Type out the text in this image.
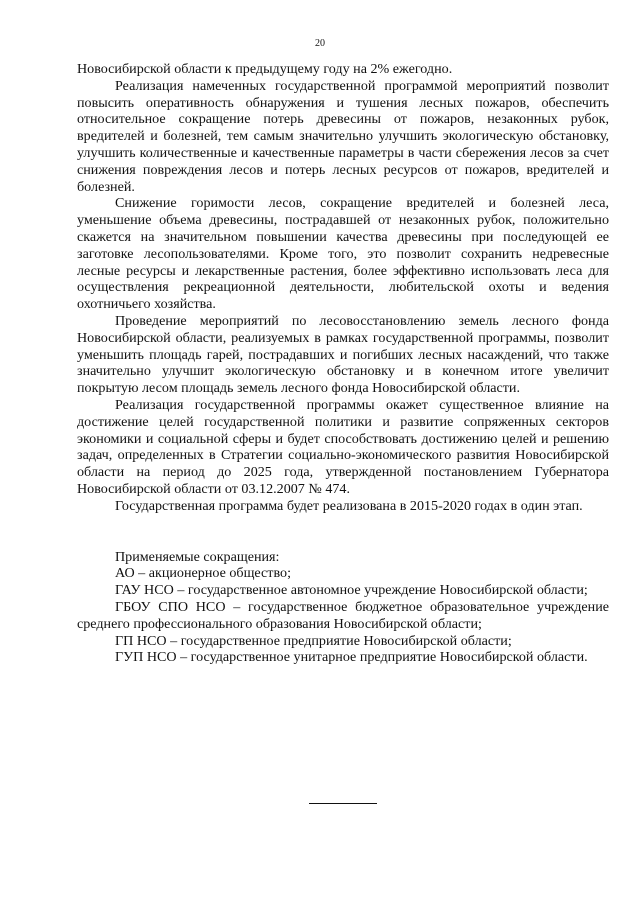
20

Новосибирской области к предыдущему году на 2% ежегодно.

Реализация намеченных государственной программой мероприятий позволит повысить оперативность обнаружения и тушения лесных пожаров, обеспечить относительное сокращение потерь древесины от пожаров, незаконных рубок, вредителей и болезней, тем самым значительно улучшить экологическую обстановку, улучшить количественные и качественные параметры в части сбережения лесов за счет снижения повреждения лесов и потерь лесных ресурсов от пожаров, вредителей и болезней.

Снижение горимости лесов, сокращение вредителей и болезней леса, уменьшение объема древесины, пострадавшей от незаконных рубок, положительно скажется на значительном повышении качества древесины при последующей ее заготовке лесопользователями. Кроме того, это позволит сохранить недревесные лесные ресурсы и лекарственные растения, более эффективно использовать леса для осуществления рекреационной деятельности, любительской охоты и ведения охотничьего хозяйства.

Проведение мероприятий по лесовосстановлению земель лесного фонда Новосибирской области, реализуемых в рамках государственной программы, позволит уменьшить площадь гарей, пострадавших и погибших лесных насаждений, что также значительно улучшит экологическую обстановку и в конечном итоге увеличит покрытую лесом площадь земель лесного фонда Новосибирской области.

Реализация государственной программы окажет существенное влияние на достижение целей государственной политики и развитие сопряженных секторов экономики и социальной сферы и будет способствовать достижению целей и решению задач, определенных в Стратегии социально-экономического развития Новосибирской области на период до 2025 года, утвержденной постановлением Губернатора Новосибирской области от 03.12.2007 № 474.

Государственная программа будет реализована в 2015-2020 годах в один этап.

Применяемые сокращения:

АО – акционерное общество;

ГАУ НСО – государственное автономное учреждение Новосибирской области;

ГБОУ СПО НСО – государственное бюджетное образовательное учреждение среднего профессионального образования Новосибирской области;

ГП НСО – государственное предприятие Новосибирской области;

ГУП НСО – государственное унитарное предприятие Новосибирской области.
